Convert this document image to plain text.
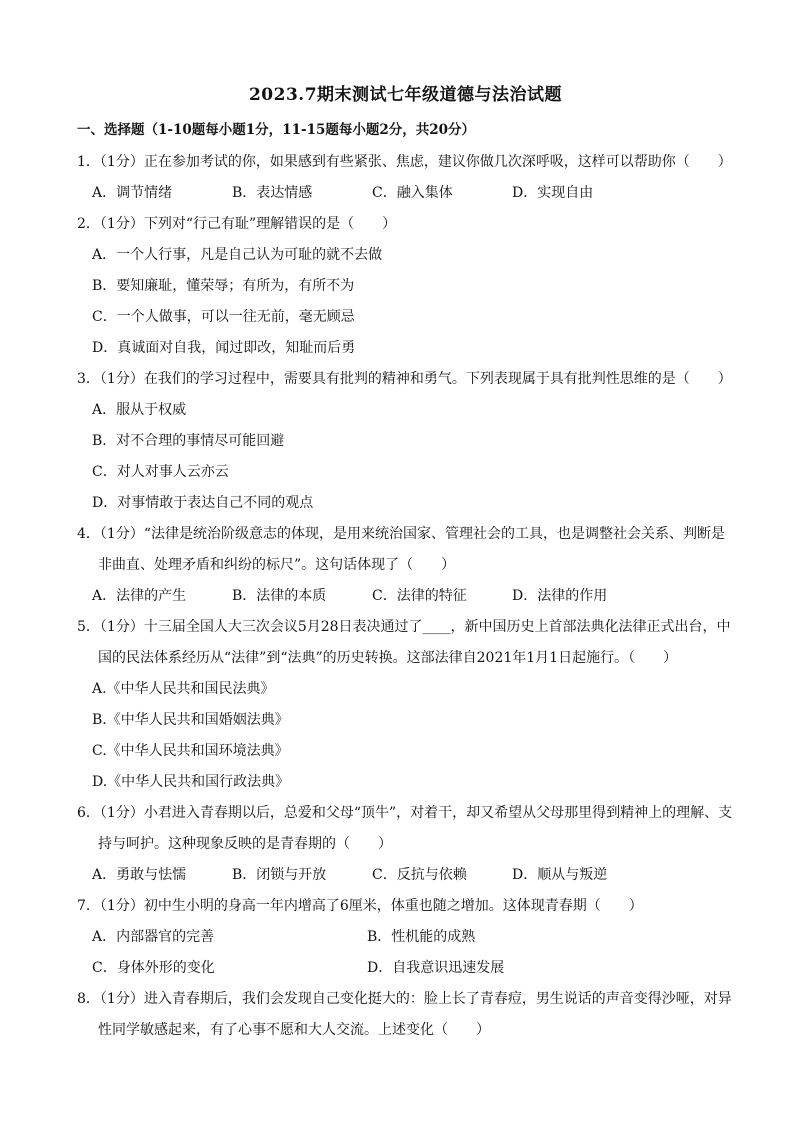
2023.7期末测试七年级道德与法治试题
一、选择题（1-10题每小题1分，11-15题每小题2分，共20分）
1．（1分）正在参加考试的你，如果感到有些紧张、焦虑，建议你做几次深呼吸，这样可以帮助你（　　）
A．调节情绪	B．表达情感	C．融入集体	D．实现自由
2．（1分）下列对“行己有耻”理解错误的是（　　）
A．一个人行事，凡是自己认为可耻的就不去做
B．要知廉耻，懂荣辱；有所为，有所不为
C．一个人做事，可以一往无前，毫无顾忌
D．真诚面对自我，闻过即改，知耻而后勇
3．（1分）在我们的学习过程中，需要具有批判的精神和勇气。下列表现属于具有批判性思维的是（　　）
A．服从于权威
B．对不合理的事情尽可能回避
C．对人对事人云亦云
D．对事情敢于表达自己不同的观点
4．（1分）“法律是统治阶级意志的体现，是用来统治国家、管理社会的工具，也是调整社会关系、判断是非曲直、处理矛盾和纠纷的标尺”。这句话体现了（　　）
A．法律的产生	B．法律的本质	C．法律的特征	D．法律的作用
5．（1分）十三届全国人大三次会议5月28日表决通过了____，新中国历史上首部法典化法律正式出台，中国的民法体系经历从“法律”到“法典”的历史转换。这部法律自2021年1月1日起施行。（　　）
A.《中华人民共和国民法典》
B.《中华人民共和国婚姻法典》
C.《中华人民共和国环境法典》
D.《中华人民共和国行政法典》
6．（1分）小君进入青春期以后，总爱和父母“顶牛”，对着干，却又希望从父母那里得到精神上的理解、支持与呵护。这种现象反映的是青春期的（　　）
A．勇敢与怯懦	B．闭锁与开放	C．反抗与依赖	D．顺从与叛逆
7．（1分）初中生小明的身高一年内增高了6厘米，体重也随之增加。这体现青春期（　　）
A．内部器官的完善	B．性机能的成熟
C．身体外形的变化	D．自我意识迅速发展
8．（1分）进入青春期后，我们会发现自己变化挺大的：脸上长了青春痘，男生说话的声音变得沙哑，对异性同学敏感起来，有了心事不愿和大人交流。上述变化（　　）
